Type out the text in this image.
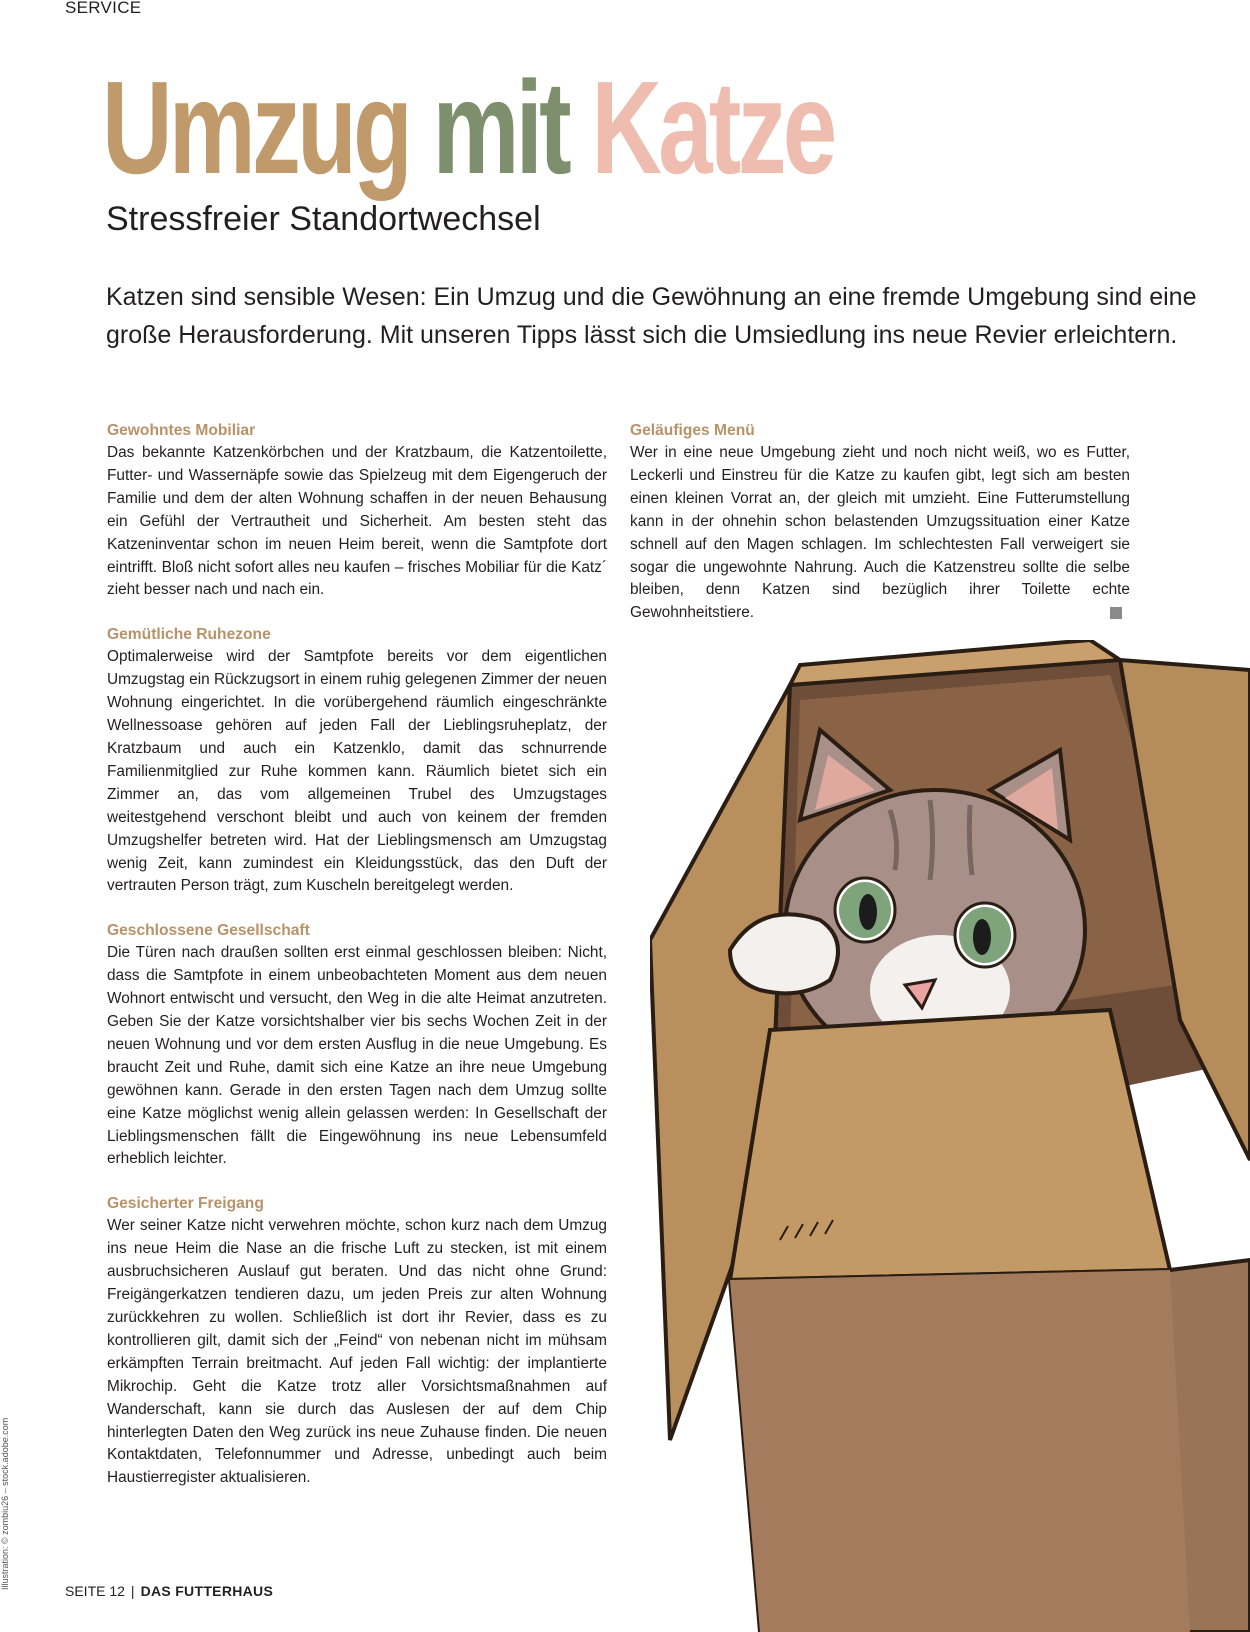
SERVICE
Umzug mit Katze
Stressfreier Standortwechsel

Katzen sind sensible Wesen: Ein Umzug und die Gewöhnung an eine fremde Umgebung sind eine große Herausforderung. Mit unseren Tipps lässt sich die Umsiedlung ins neue Revier erleichtern.

Gewohntes Mobiliar

Das bekannte Katzenkörbchen und der Kratzbaum, die Katzentoilette, Futter- und Wassernäpfe sowie das Spielzeug mit dem Eigengeruch der Familie und dem der alten Wohnung schaffen in der neuen Behausung ein Gefühl der Vertrautheit und Sicherheit. Am besten steht das Katzeninventar schon im neuen Heim bereit, wenn die Samtpfote dort eintrifft. Bloß nicht sofort alles neu kaufen – frisches Mobiliar für die Katz´ zieht besser nach und nach ein.

Gemütliche Ruhezone

Optimalerweise wird der Samtpfote bereits vor dem eigentlichen Umzugstag ein Rückzugsort in einem ruhig gelegenen Zimmer der neuen Wohnung eingerichtet. In die vorübergehend räumlich eingeschränkte Wellnessoase gehören auf jeden Fall der Lieblingsruheplatz, der Kratzbaum und auch ein Katzenklo, damit das schnurrende Familienmitglied zur Ruhe kommen kann. Räumlich bietet sich ein Zimmer an, das vom allgemeinen Trubel des Umzugstages weitestgehend verschont bleibt und auch von keinem der fremden Umzugshelfer betreten wird. Hat der Lieblingsmensch am Umzugstag wenig Zeit, kann zumindest ein Kleidungsstück, das den Duft der vertrauten Person trägt, zum Kuscheln bereitgelegt werden.

Geschlossene Gesellschaft

Die Türen nach draußen sollten erst einmal geschlossen bleiben: Nicht, dass die Samtpfote in einem unbeobachteten Moment aus dem neuen Wohnort entwischt und versucht, den Weg in die alte Heimat anzutreten. Geben Sie der Katze vorsichtshalber vier bis sechs Wochen Zeit in der neuen Wohnung und vor dem ersten Ausflug in die neue Umgebung. Es braucht Zeit und Ruhe, damit sich eine Katze an ihre neue Umgebung gewöhnen kann. Gerade in den ersten Tagen nach dem Umzug sollte eine Katze möglichst wenig allein gelassen werden: In Gesellschaft der Lieblingsmenschen fällt die Eingewöhnung ins neue Lebensumfeld erheblich leichter.

Gesicherter Freigang

Wer seiner Katze nicht verwehren möchte, schon kurz nach dem Umzug ins neue Heim die Nase an die frische Luft zu stecken, ist mit einem ausbruchsicheren Auslauf gut beraten. Und das nicht ohne Grund: Freigängerkatzen tendieren dazu, um jeden Preis zur alten Wohnung zurückkehren zu wollen. Schließlich ist dort ihr Revier, dass es zu kontrollieren gilt, damit sich der „Feind“ von nebenan nicht im mühsam erkämpften Terrain breitmacht. Auf jeden Fall wichtig: der implantierte Mikrochip. Geht die Katze trotz aller Vorsichtsmaßnahmen auf Wanderschaft, kann sie durch das Auslesen der auf dem Chip hinterlegten Daten den Weg zurück ins neue Zuhause finden. Die neuen Kontaktdaten, Telefonnummer und Adresse, unbedingt auch beim Haustierregister aktualisieren.

Geläufiges Menü

Wer in eine neue Umgebung zieht und noch nicht weiß, wo es Futter, Leckerli und Einstreu für die Katze zu kaufen gibt, legt sich am besten einen kleinen Vorrat an, der gleich mit umzieht. Eine Futterumstellung kann in der ohnehin schon belastenden Umzugssituation einer Katze schnell auf den Magen schlagen. Im schlechtesten Fall verweigert sie sogar die ungewohnte Nahrung. Auch die Katzenstreu sollte die selbe bleiben, denn Katzen sind bezüglich ihrer Toilette echte Gewohnheitstiere.

Illustration: © zombiu26 – stock.adobe.com
SEITE 12 | DAS FUTTERHAUS
